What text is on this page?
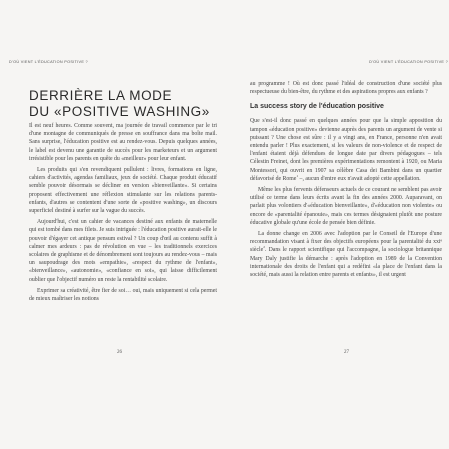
D'OÙ VIENT L'ÉDUCATION POSITIVE ?
DERRIÈRE LA MODE
DU «POSITIVE WASHING»

Il est neuf heures. Comme souvent, ma journée de travail commence par le tri d'une montagne de communiqués de presse en souffrance dans ma boîte mail. Sans surprise, l'éducation positive est au rendez-vous. Depuis quelques années, le label est devenu une garantie de succès pour les marketeurs et un argument irrésistible pour les parents en quête du «meilleur» pour leur enfant.

Les produits qui s'en revendiquent pullulent : livres, formations en ligne, cahiers d'activités, agendas familiaux, jeux de société. Chaque produit éducatif semble pouvoir désormais se décliner en version «bienveillante». Si certains proposent effectivement une réflexion stimulante sur les relations parents-enfants, d'autres se contentent d'une sorte de «positive washing», un discours superficiel destiné à surfer sur la vague du succès.

Aujourd'hui, c'est un cahier de vacances destiné aux enfants de maternelle qui est tombé dans mes filets. Je suis intriguée : l'éducation positive aurait-elle le pouvoir d'égayer cet antique pensum estival ? Un coup d'œil au contenu suffit à calmer mes ardeurs : pas de révolution en vue – les traditionnels exercices scolaires de graphisme et de dénombrement sont toujours au rendez-vous – mais un saupoudrage des mots «empathie», «respect du rythme de l'enfant», «bienveillance», «autonomie», «confiance en soi», qui laisse difficilement oublier que l'objectif numéro un reste la rentabilité scolaire.

Exprimer sa créativité, être fier de soi… oui, mais uniquement si cela permet de mieux maîtriser les notions

26
D'OÙ VIENT L'ÉDUCATION POSITIVE ?

au programme ! Où est donc passé l'idéal de construction d'une société plus respectueuse du bien-être, du rythme et des aspirations propres aux enfants ?

La success story de l'éducation positive

Que s'est-il donc passé en quelques années pour que la simple apposition du tampon «éducation positive» devienne auprès des parents un argument de vente si puissant ? Une chose est sûre : il y a vingt ans, en France, personne n'en avait entendu parler ! Plus exactement, si les valeurs de non-violence et de respect de l'enfant étaient déjà défendues de longue date par divers pédagogues – tels Célestin Freinet, dont les premières expérimentations remontent à 1920, ou Maria Montessori, qui ouvrit en 1907 sa célèbre Casa dei Bambini dans un quartier défavorisé de Rome$^1$ –, aucun d'entre eux n'avait adopté cette appellation.

Même les plus fervents défenseurs actuels de ce courant ne semblent pas avoir utilisé ce terme dans leurs écrits avant la fin des années 2000. Auparavant, on parlait plus volontiers d'«éducation bienveillante», d'«éducation non violente» ou encore de «parentalité épanouie», mais ces termes désignaient plutôt une posture éducative globale qu'une école de pensée bien définie.

La donne change en 2006 avec l'adoption par le Conseil de l'Europe d'une recommandation visant à fixer des objectifs européens pour la parentalité du xxiᵉ siècle$^2$. Dans le rapport scientifique qui l'accompagne, la sociologue britannique Mary Daly justifie la démarche : après l'adoption en 1989 de la Convention internationale des droits de l'enfant qui a redéfini «la place de l'enfant dans la société, mais aussi la relation entre parents et enfants», il est urgent

27
